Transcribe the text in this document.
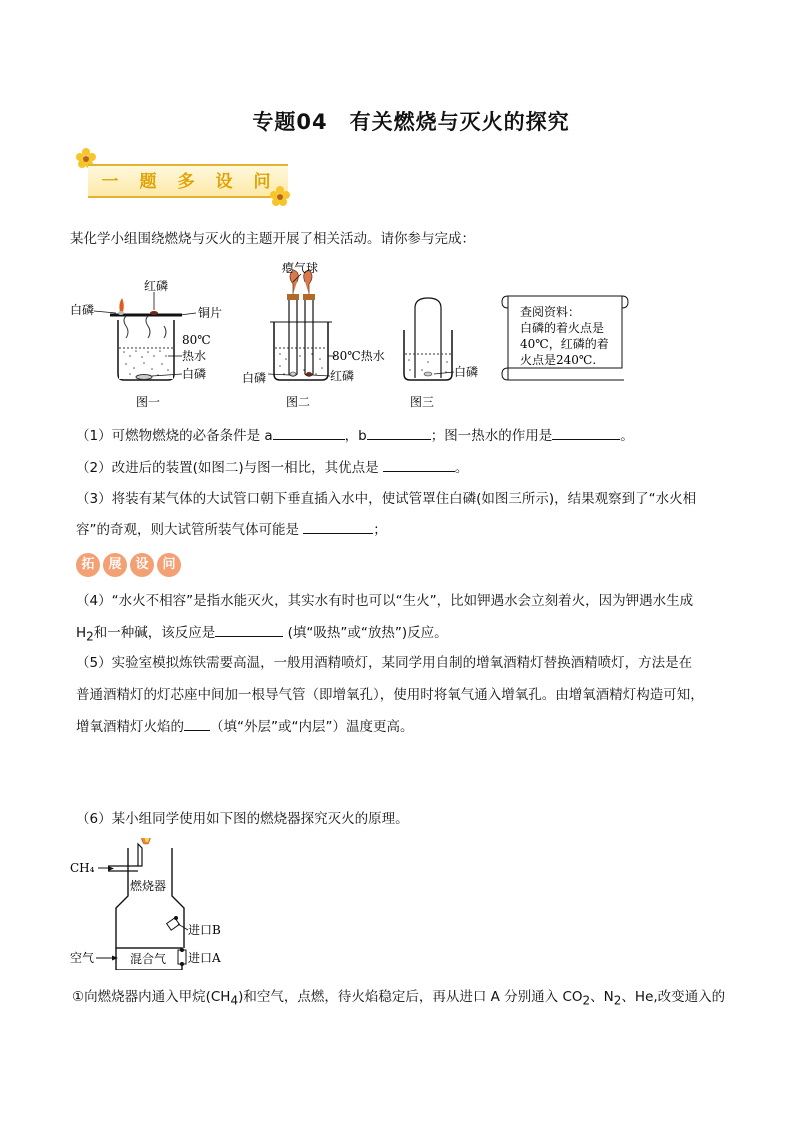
专题04　有关燃烧与灭火的探究
一 题 多 设 问
某化学小组围绕燃烧与灭火的主题开展了相关活动。请你参与完成：
白磷
红磷
铜片
80℃
热水
白磷
图一
瘪气球
80℃热水
白磷	红磷
图二
白磷
图三
查阅资料：
白磷的着火点是
40℃，红磷的着
火点是240℃.
（1）可燃物燃烧的必备条件是 a	，b	；图一热水的作用是	。
（2）改进后的装置(如图二)与图一相比，其优点是	。
（3）将装有某气体的大试管口朝下垂直插入水中，使试管罩住白磷(如图三所示)，结果观察到了“水火相
容”的奇观，则大试管所装气体可能是	；
拓	展	设	问
（4）“水火不相容”是指水能灭火，其实水有时也可以“生火”，比如钾遇水会立刻着火，因为钾遇水生成
$H_2$和一种碱，该反应是	(填“吸热”或“放热”)反应。
（5）实验室模拟炼铁需要高温，一般用酒精喷灯，某同学用自制的增氧酒精灯替换酒精喷灯，方法是在
普通酒精灯的灯芯座中间加一根导气管（即增氧孔），使用时将氧气通入增氧孔。由增氧酒精灯构造可知，
增氧酒精灯火焰的 （填“外层”或“内层”）温度更高。
（6）某小组同学使用如下图的燃烧器探究灭火的原理。
CH₄
燃烧器
进口B
进口A
空气	混合气
①向燃烧器内通入甲烷$(CH_4)$和空气，点燃，待火焰稳定后，再从进口 A 分别通入 $CO_2$、$N_2$、He,改变通入的
